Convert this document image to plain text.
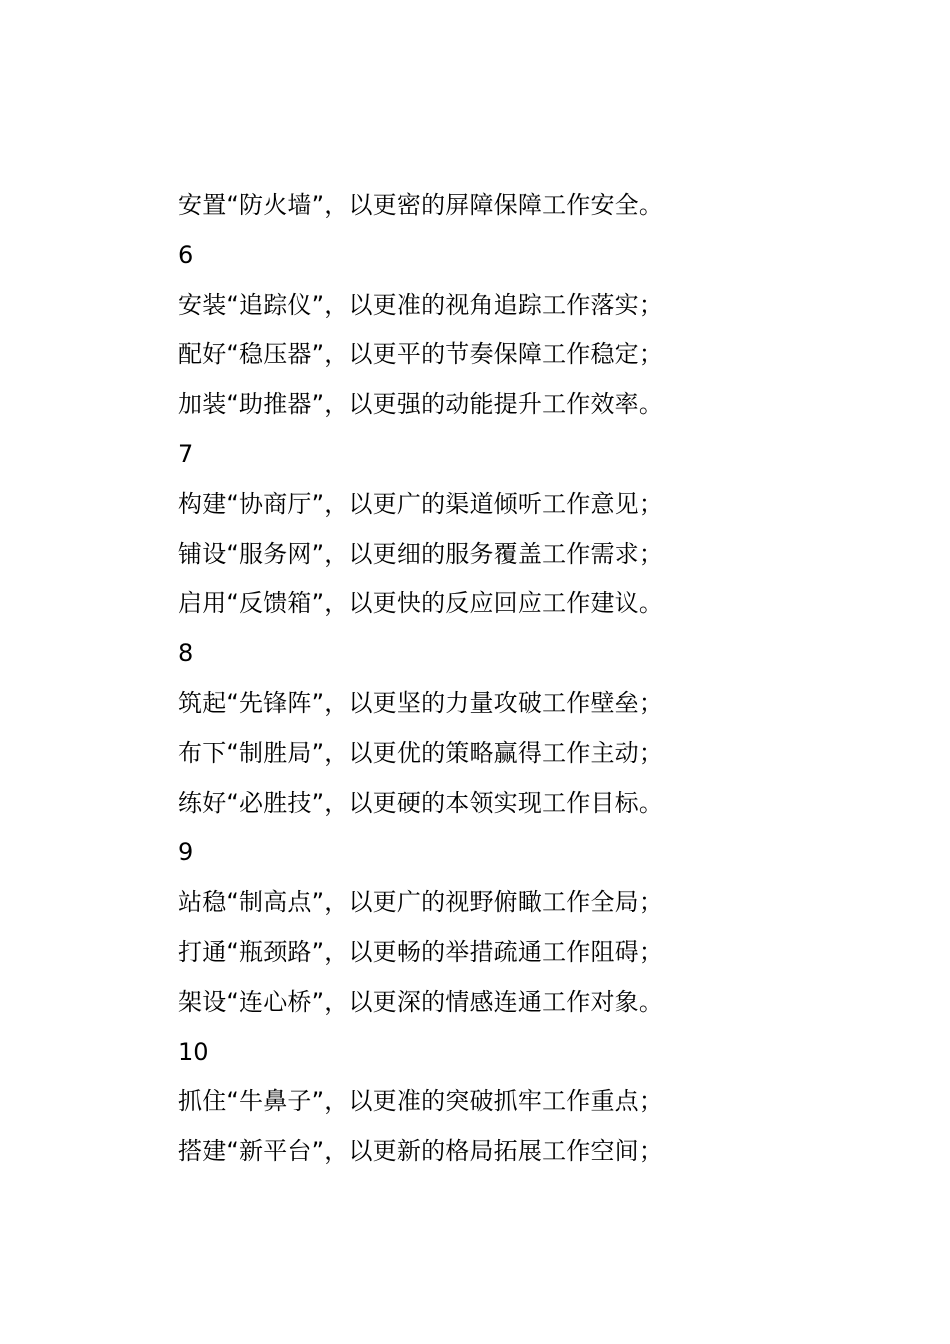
安置“防火墙”，以更密的屏障保障工作安全。
6
安装“追踪仪”，以更准的视角追踪工作落实；
配好“稳压器”，以更平的节奏保障工作稳定；
加装“助推器”，以更强的动能提升工作效率。
7
构建“协商厅”，以更广的渠道倾听工作意见；
铺设“服务网”，以更细的服务覆盖工作需求；
启用“反馈箱”，以更快的反应回应工作建议。
8
筑起“先锋阵”，以更坚的力量攻破工作壁垒；
布下“制胜局”，以更优的策略赢得工作主动；
练好“必胜技”，以更硬的本领实现工作目标。
9
站稳“制高点”，以更广的视野俯瞰工作全局；
打通“瓶颈路”，以更畅的举措疏通工作阻碍；
架设“连心桥”，以更深的情感连通工作对象。
10
抓住“牛鼻子”，以更准的突破抓牢工作重点；
搭建“新平台”，以更新的格局拓展工作空间；
